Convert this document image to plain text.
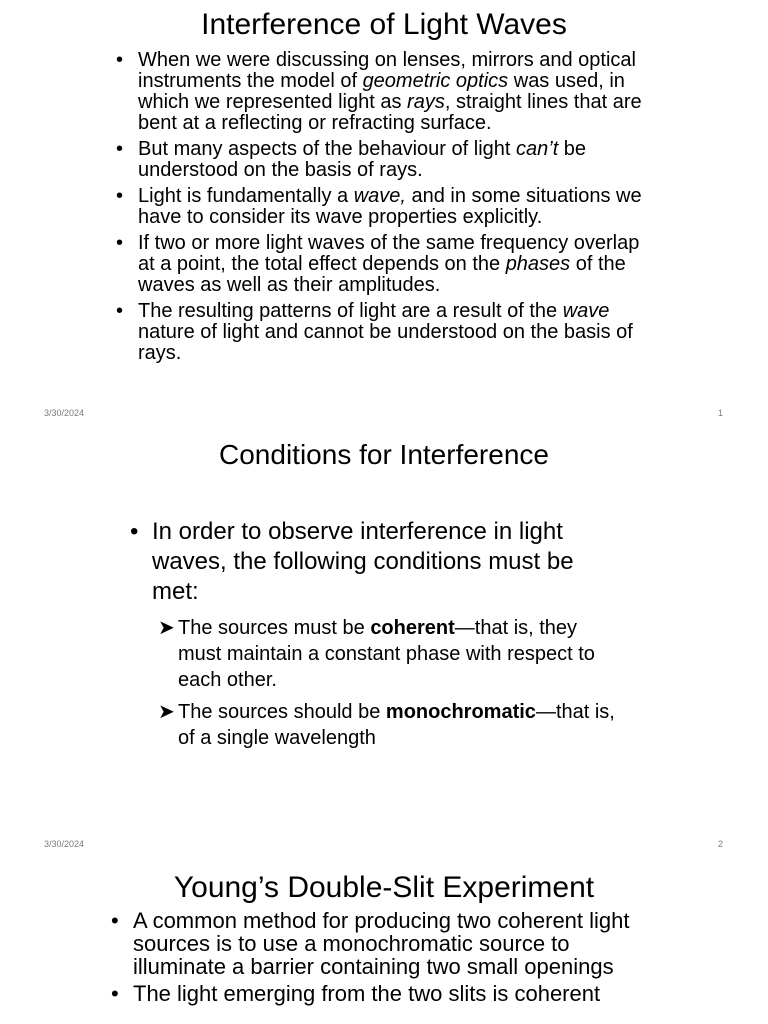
Interference of Light Waves
• When we were discussing on lenses, mirrors and optical instruments the model of geometric optics was used, in which we represented light as rays, straight lines that are bent at a reflecting or refracting surface.
• But many aspects of the behaviour of light can’t be understood on the basis of rays.
• Light is fundamentally a wave, and in some situations we have to consider its wave properties explicitly.
• If two or more light waves of the same frequency overlap at a point, the total effect depends on the phases of the waves as well as their amplitudes.
• The resulting patterns of light are a result of the wave nature of light and cannot be understood on the basis of rays.
3/30/2024	1
Conditions for Interference
• In order to observe interference in light waves, the following conditions must be met:
➤ The sources must be coherent—that is, they must maintain a constant phase with respect to each other.
➤ The sources should be monochromatic—that is, of a single wavelength
3/30/2024	2
Young’s Double-Slit Experiment
• A common method for producing two coherent light sources is to use a monochromatic source to illuminate a barrier containing two small openings
• The light emerging from the two slits is coherent
